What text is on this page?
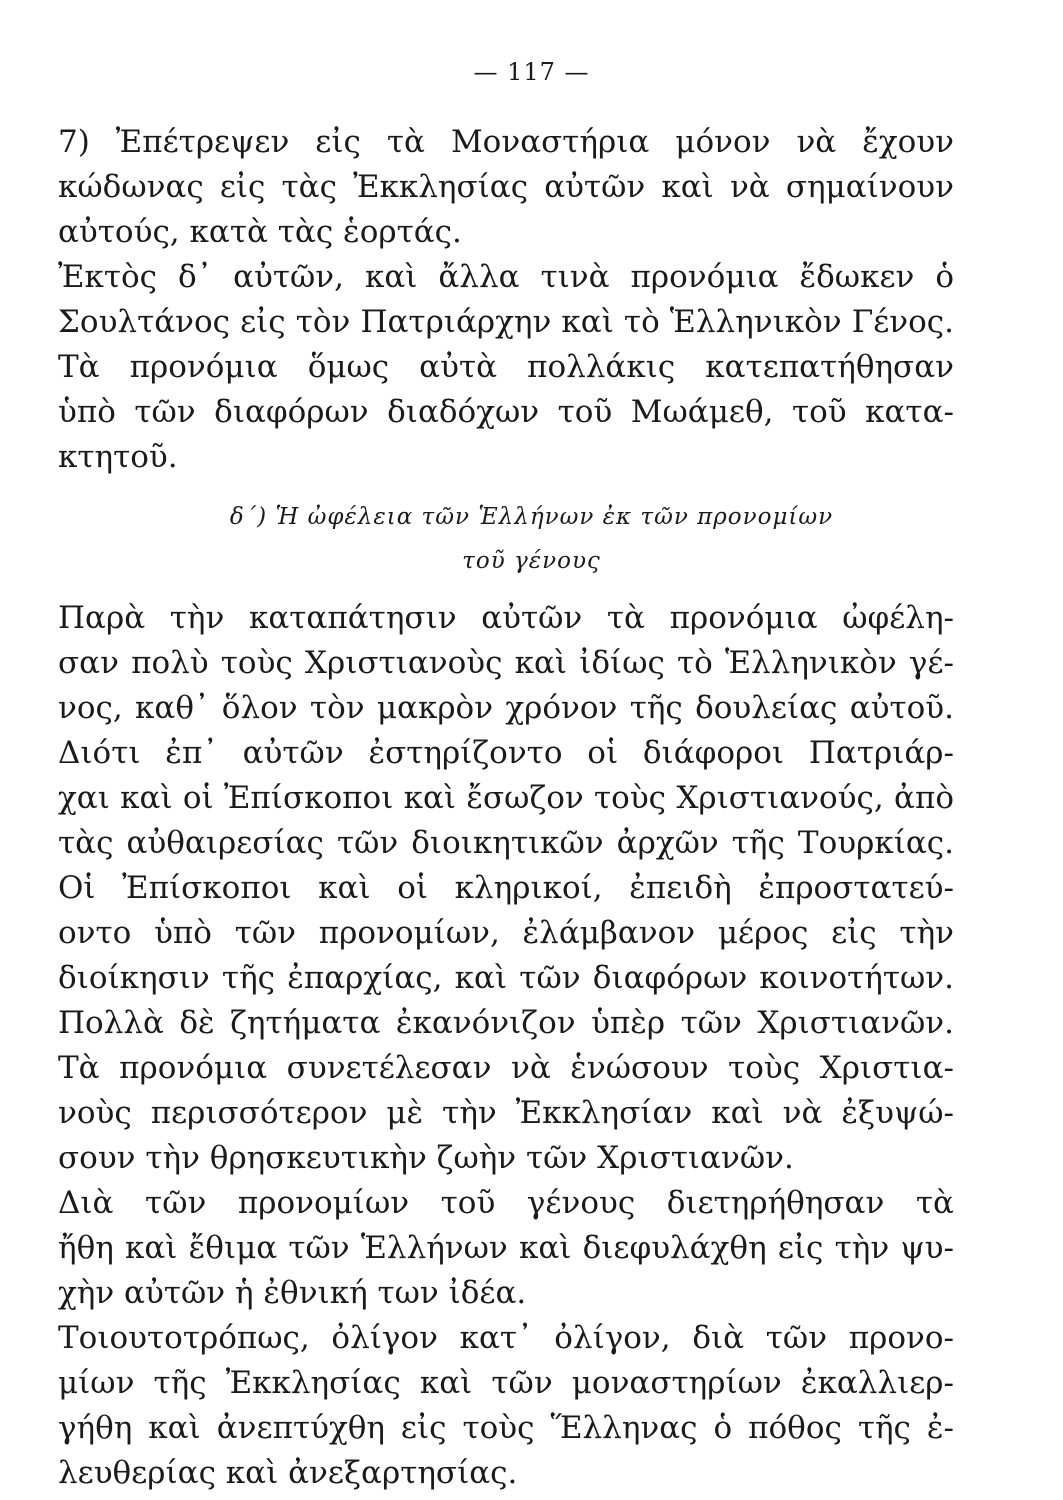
— 117 —
7) Ἐπέτρεψεν εἰς τὰ Μοναστήρια μόνον νὰ ἔχουν
κώδωνας εἰς τὰς Ἐκκλησίας αὐτῶν καὶ νὰ σημαίνουν
αὐτούς, κατὰ τὰς ἑορτάς.
Ἐκτὸς δ᾿ αὐτῶν, καὶ ἄλλα τινὰ προνόμια ἔδωκεν ὁ
Σουλτάνος εἰς τὸν Πατριάρχην καὶ τὸ Ἑλληνικὸν Γένος.
Τὰ προνόμια ὅμως αὐτὰ πολλάκις κατεπατήθησαν
ὑπὸ τῶν διαφόρων διαδόχων τοῦ Μωάμεθ, τοῦ κατα-
κτητοῦ.
δ΄) Ἡ ὠφέλεια τῶν Ἑλλήνων ἐκ τῶν προνομίων
τοῦ γένους
Παρὰ τὴν καταπάτησιν αὐτῶν τὰ προνόμια ὠφέλη-
σαν πολὺ τοὺς Χριστιανοὺς καὶ ἰδίως τὸ Ἑλληνικὸν γέ-
νος, καθ᾿ ὅλον τὸν μακρὸν χρόνον τῆς δουλείας αὐτοῦ.
Διότι ἐπ᾿ αὐτῶν ἐστηρίζοντο οἱ διάφοροι Πατριάρ-
χαι καὶ οἱ Ἐπίσκοποι καὶ ἔσωζον τοὺς Χριστιανούς, ἀπὸ
τὰς αὐθαιρεσίας τῶν διοικητικῶν ἀρχῶν τῆς Τουρκίας.
Οἱ Ἐπίσκοποι καὶ οἱ κληρικοί, ἐπειδὴ ἐπροστατεύ-
οντο ὑπὸ τῶν προνομίων, ἐλάμβανον μέρος εἰς τὴν
διοίκησιν τῆς ἐπαρχίας, καὶ τῶν διαφόρων κοινοτήτων.
Πολλὰ δὲ ζητήματα ἐκανόνιζον ὑπὲρ τῶν Χριστιανῶν.
Τὰ προνόμια συνετέλεσαν νὰ ἑνώσουν τοὺς Χριστια-
νοὺς περισσότερον μὲ τὴν Ἐκκλησίαν καὶ νὰ ἐξυψώ-
σουν τὴν θρησκευτικὴν ζωὴν τῶν Χριστιανῶν.
Διὰ τῶν προνομίων τοῦ γένους διετηρήθησαν τὰ
ἤθη καὶ ἔθιμα τῶν Ἑλλήνων καὶ διεφυλάχθη εἰς τὴν ψυ-
χὴν αὐτῶν ἡ ἐθνική των ἰδέα.
Τοιουτοτρόπως, ὀλίγον κατ᾿ ὀλίγον, διὰ τῶν προνο-
μίων τῆς Ἐκκλησίας καὶ τῶν μοναστηρίων ἐκαλλιερ-
γήθη καὶ ἀνεπτύχθη εἰς τοὺς Ἕλληνας ὁ πόθος τῆς ἐ-
λευθερίας καὶ ἀνεξαρτησίας.
